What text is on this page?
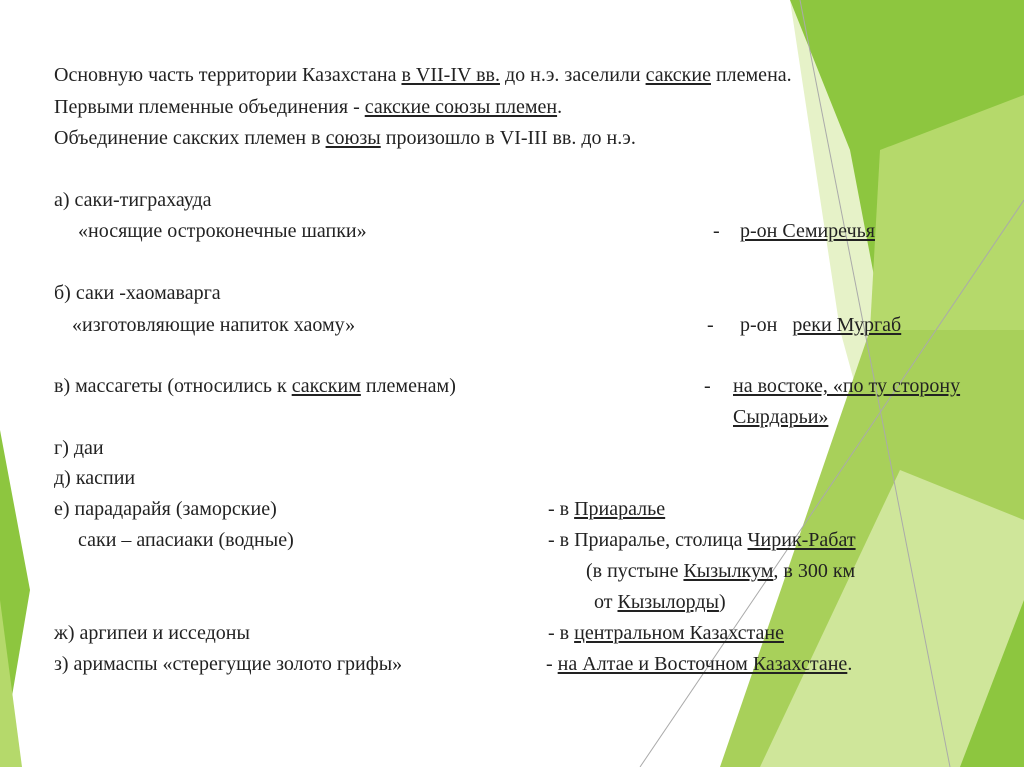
Основную часть территории Казахстана в VII-IV вв. до н.э. заселили сакские племена.
Первыми племенные объединения - сакские союзы племен.
Объединение сакских племен в союзы произошло в VI-III вв. до н.э.
а) саки-тиграхауда
«носящие остроконечные шапки»	- р-он Семиречья
б) саки -хаомаварга
«изготовляющие напиток хаому»	- р-он реки Мургаб
в) массагеты (относились к сакским племенам)	- на востоке, «по ту сторону
Сырдарьи»
г) даи
д) каспии
е) парадарайя (заморские)	- в Приаралье
саки – апасиаки (водные)	- в Приаралье, столица Чирик-Рабат
(в пустыне Кызылкум, в 300 км
от Кызылорды)
ж) аргипеи и исседоны	- в центральном Казахстане
з) аримаспы «стерегущие золото грифы»	- на Алтае и Восточном Казахстане.
